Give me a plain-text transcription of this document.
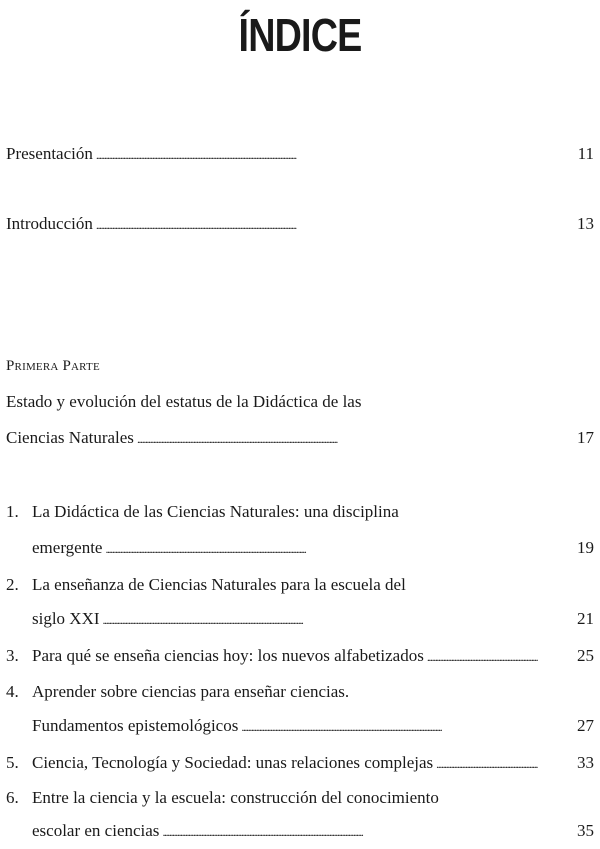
ÍNDICE
Presentación . . .	11
Introducción . . .	13
Primera Parte
Estado y evolución del estatus de la Didáctica de las
Ciencias Naturales . . .	17
1. La Didáctica de las Ciencias Naturales: una disciplina
emergente . . .	19
2. La enseñanza de Ciencias Naturales para la escuela del
siglo XXI . . .	21
3. Para qué se enseña ciencias hoy: los nuevos alfabetizados . . .	25
4. Aprender sobre ciencias para enseñar ciencias.
Fundamentos epistemológicos . . .	27
5. Ciencia, Tecnología y Sociedad: unas relaciones complejas . . .	33
6. Entre la ciencia y la escuela: construcción del conocimiento
escolar en ciencias . . .	35
